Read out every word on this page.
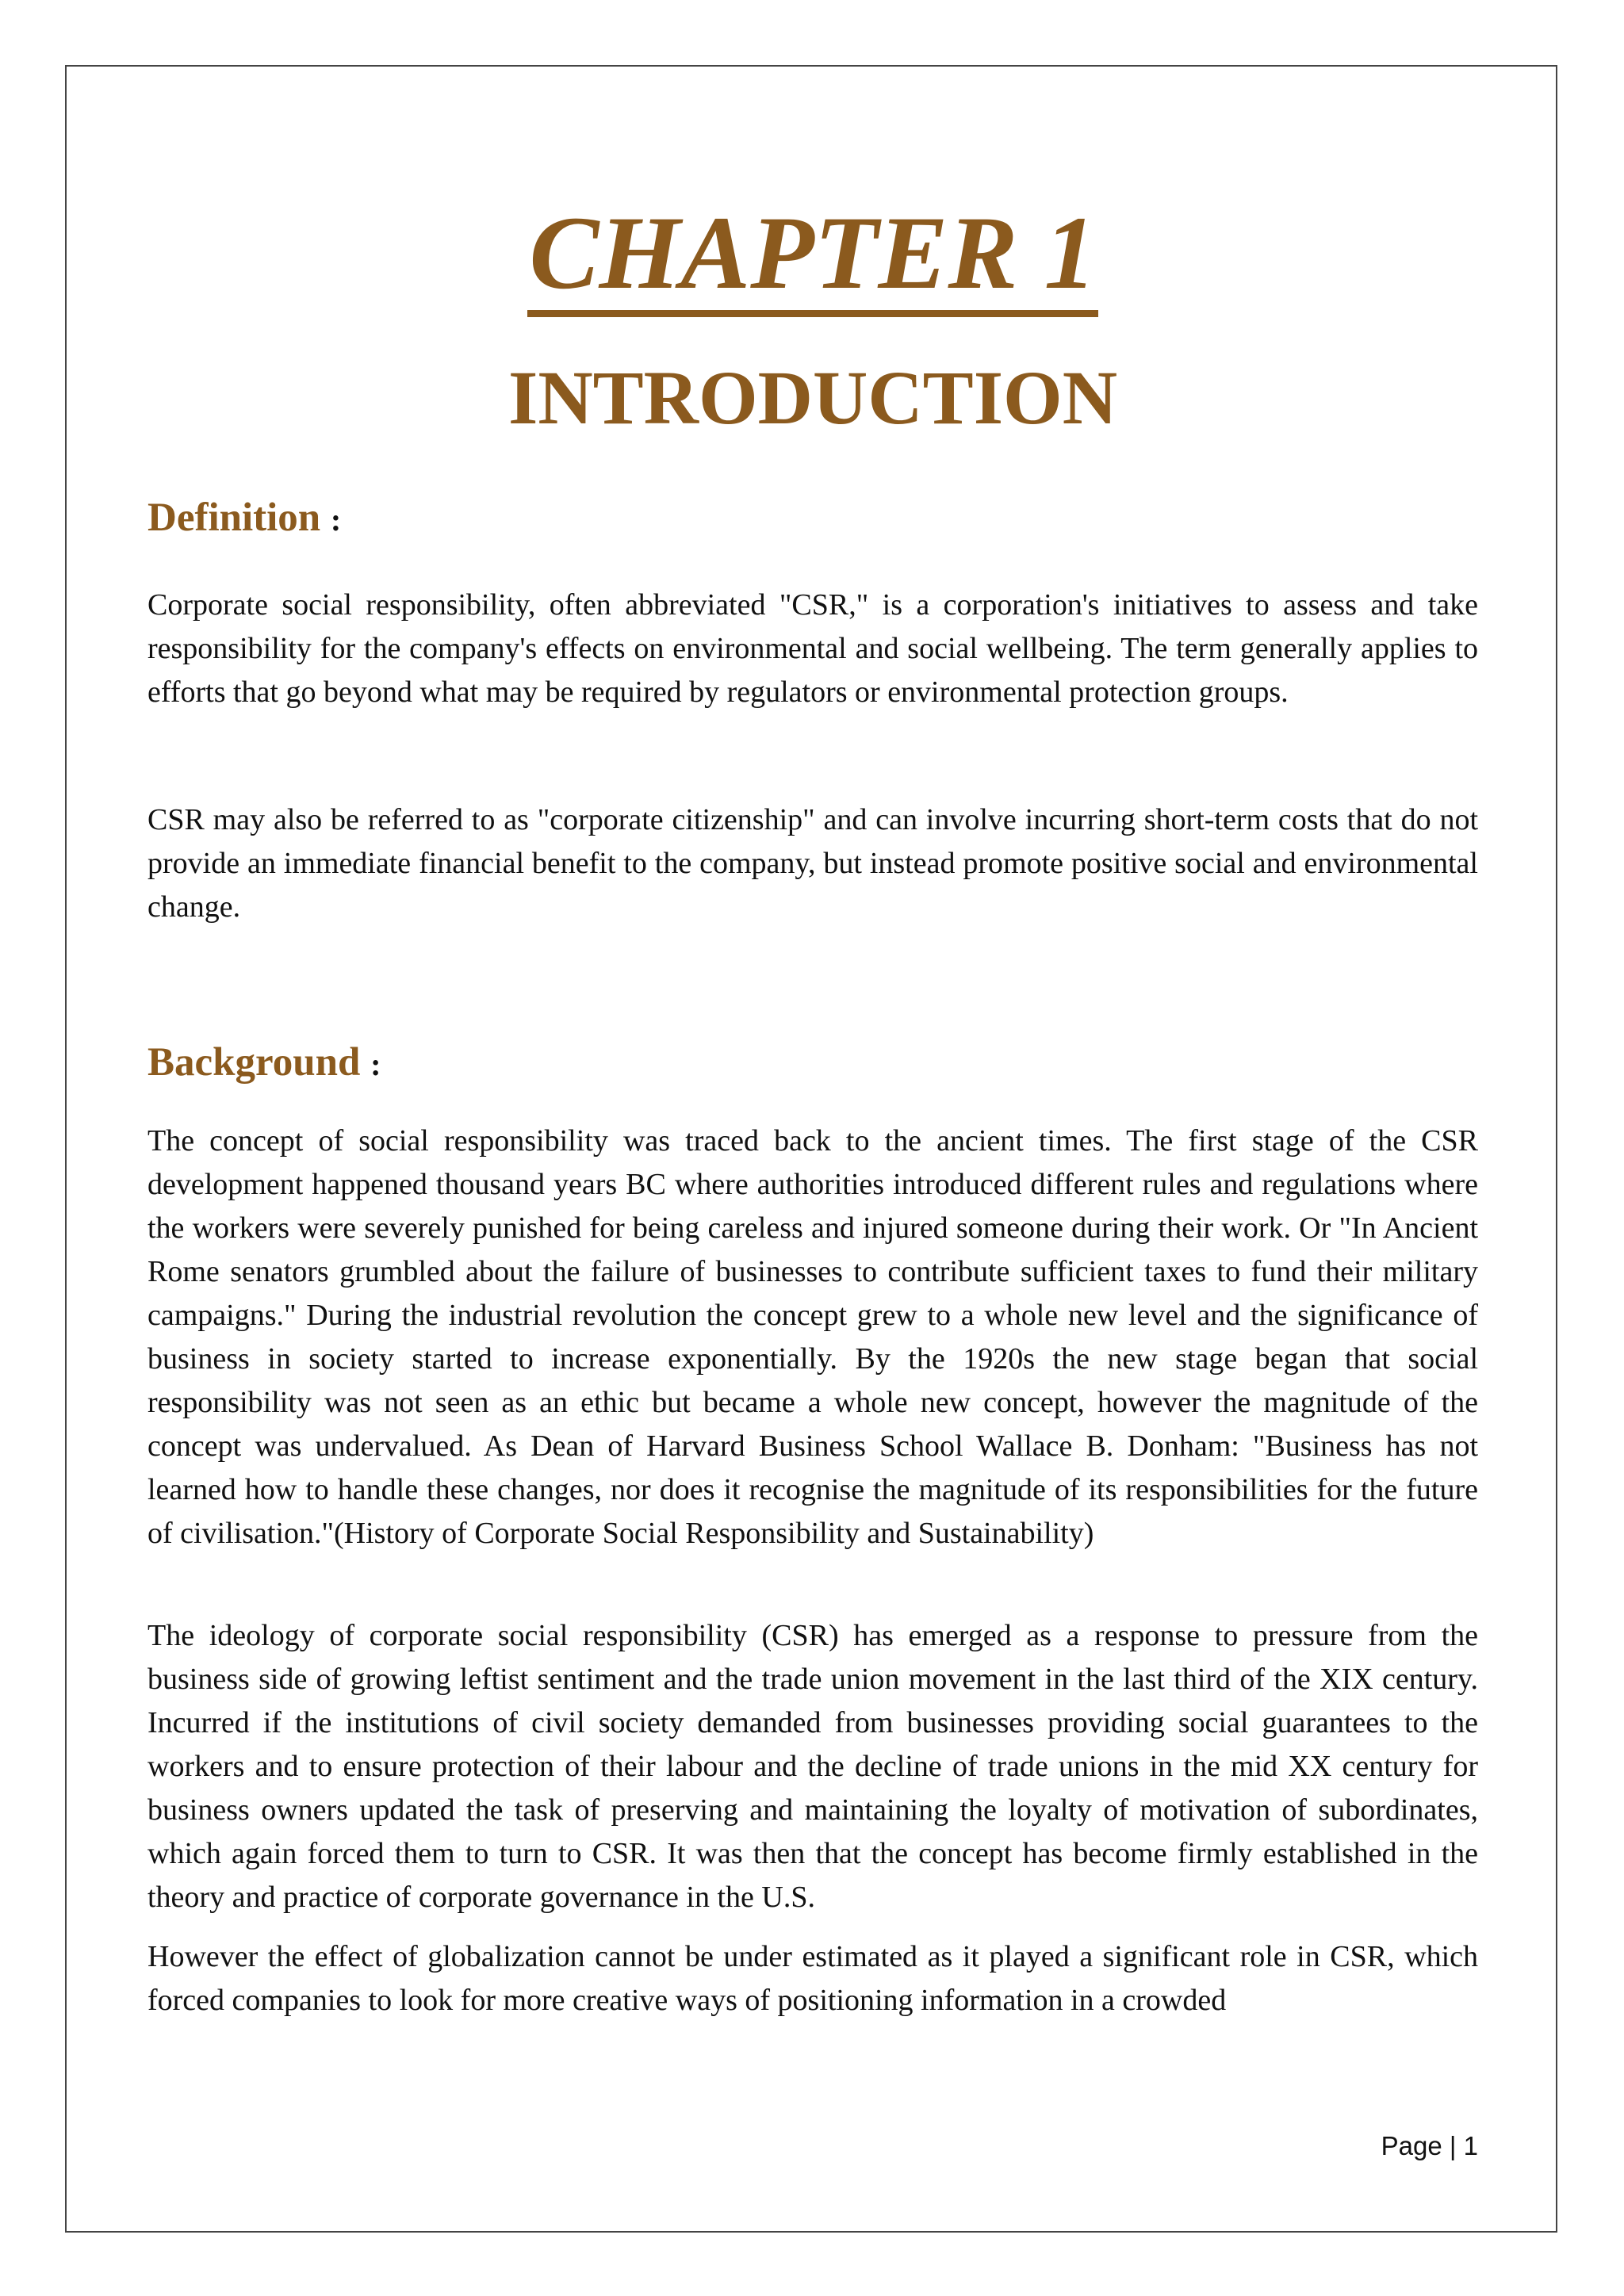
CHAPTER 1
INTRODUCTION
Definition :

Corporate social responsibility, often abbreviated "CSR," is a corporation's initiatives to assess and take responsibility for the company's effects on environmental and social wellbeing. The term generally applies to efforts that go beyond what may be required by regulators or environmental protection groups.

CSR may also be referred to as "corporate citizenship" and can involve incurring short-term costs that do not provide an immediate financial benefit to the company, but instead promote positive social and environmental change.

Background :

The concept of social responsibility was traced back to the ancient times. The first stage of the CSR development happened thousand years BC where authorities introduced different rules and regulations where the workers were severely punished for being careless and injured someone during their work. Or "In Ancient Rome senators grumbled about the failure of businesses to contribute sufficient taxes to fund their military campaigns." During the industrial revolution the concept grew to a whole new level and the significance of business in society started to increase exponentially. By the 1920s the new stage began that social responsibility was not seen as an ethic but became a whole new concept, however the magnitude of the concept was undervalued. As Dean of Harvard Business School Wallace B. Donham: "Business has not learned how to handle these changes, nor does it recognise the magnitude of its responsibilities for the future of civilisation."(History of Corporate Social Responsibility and Sustainability)

The ideology of corporate social responsibility (CSR) has emerged as a response to pressure from the business side of growing leftist sentiment and the trade union movement in the last third of the XIX century. Incurred if the institutions of civil society demanded from businesses providing social guarantees to the workers and to ensure protection of their labour and the decline of trade unions in the mid XX century for business owners updated the task of preserving and maintaining the loyalty of motivation of subordinates, which again forced them to turn to CSR. It was then that the concept has become firmly established in the theory and practice of corporate governance in the U.S.

However the effect of globalization cannot be under estimated as it played a significant role in CSR, which forced companies to look for more creative ways of positioning information in a crowded

Page | 1
